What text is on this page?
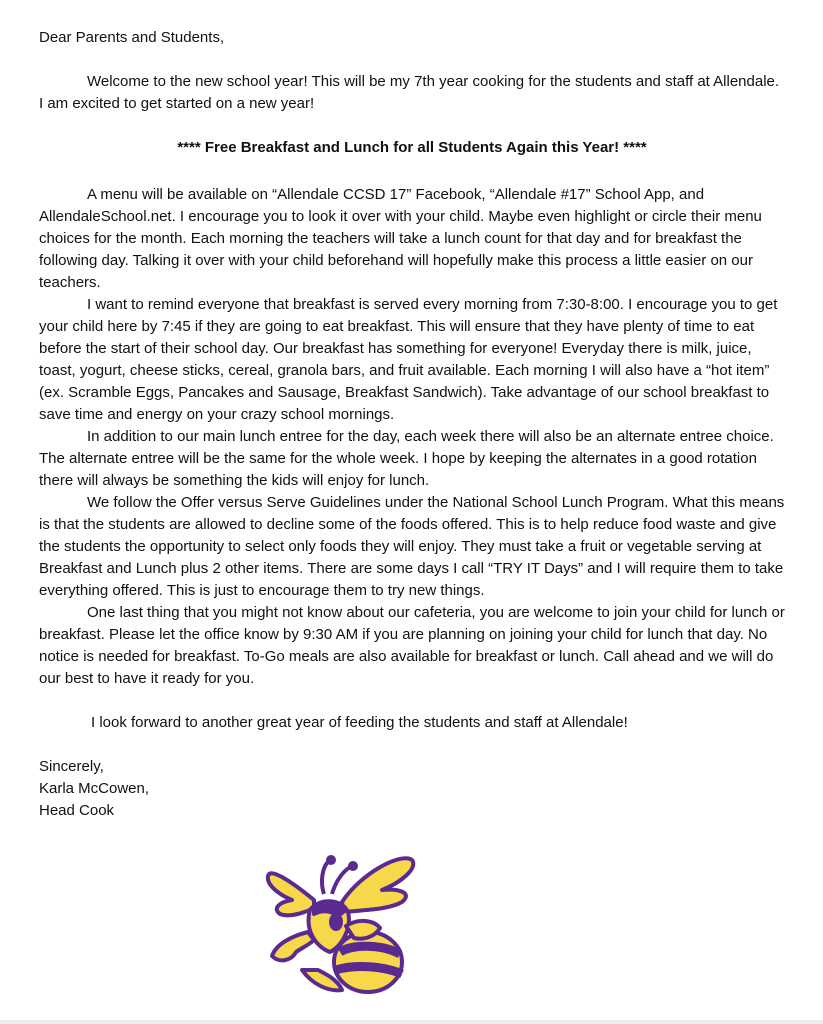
Dear Parents and Students,

Welcome to the new school year! This will be my 7th year cooking for the students and staff at Allendale. I am excited to get started on a new year!

**** Free Breakfast and Lunch for all Students Again this Year! ****

A menu will be available on “Allendale CCSD 17” Facebook, “Allendale #17” School App, and AllendaleSchool.net. I encourage you to look it over with your child. Maybe even highlight or circle their menu choices for the month. Each morning the teachers will take a lunch count for that day and for breakfast the following day. Talking it over with your child beforehand will hopefully make this process a little easier on our teachers.

I want to remind everyone that breakfast is served every morning from 7:30-8:00. I encourage you to get your child here by 7:45 if they are going to eat breakfast. This will ensure that they have plenty of time to eat before the start of their school day. Our breakfast has something for everyone! Everyday there is milk, juice, toast, yogurt, cheese sticks, cereal, granola bars, and fruit available. Each morning I will also have a “hot item” (ex. Scramble Eggs, Pancakes and Sausage, Breakfast Sandwich). Take advantage of our school breakfast to save time and energy on your crazy school mornings.

In addition to our main lunch entree for the day, each week there will also be an alternate entree choice. The alternate entree will be the same for the whole week. I hope by keeping the alternates in a good rotation there will always be something the kids will enjoy for lunch.

We follow the Offer versus Serve Guidelines under the National School Lunch Program. What this means is that the students are allowed to decline some of the foods offered. This is to help reduce food waste and give the students the opportunity to select only foods they will enjoy. They must take a fruit or vegetable serving at Breakfast and Lunch plus 2 other items. There are some days I call “TRY IT Days” and I will require them to take everything offered. This is just to encourage them to try new things.

One last thing that you might not know about our cafeteria, you are welcome to join your child for lunch or breakfast. Please let the office know by 9:30 AM if you are planning on joining your child for lunch that day. No notice is needed for breakfast. To-Go meals are also available for breakfast or lunch. Call ahead and we will do our best to have it ready for you.

I look forward to another great year of feeding the students and staff at Allendale!

Sincerely,

Karla McCowen,

Head Cook
